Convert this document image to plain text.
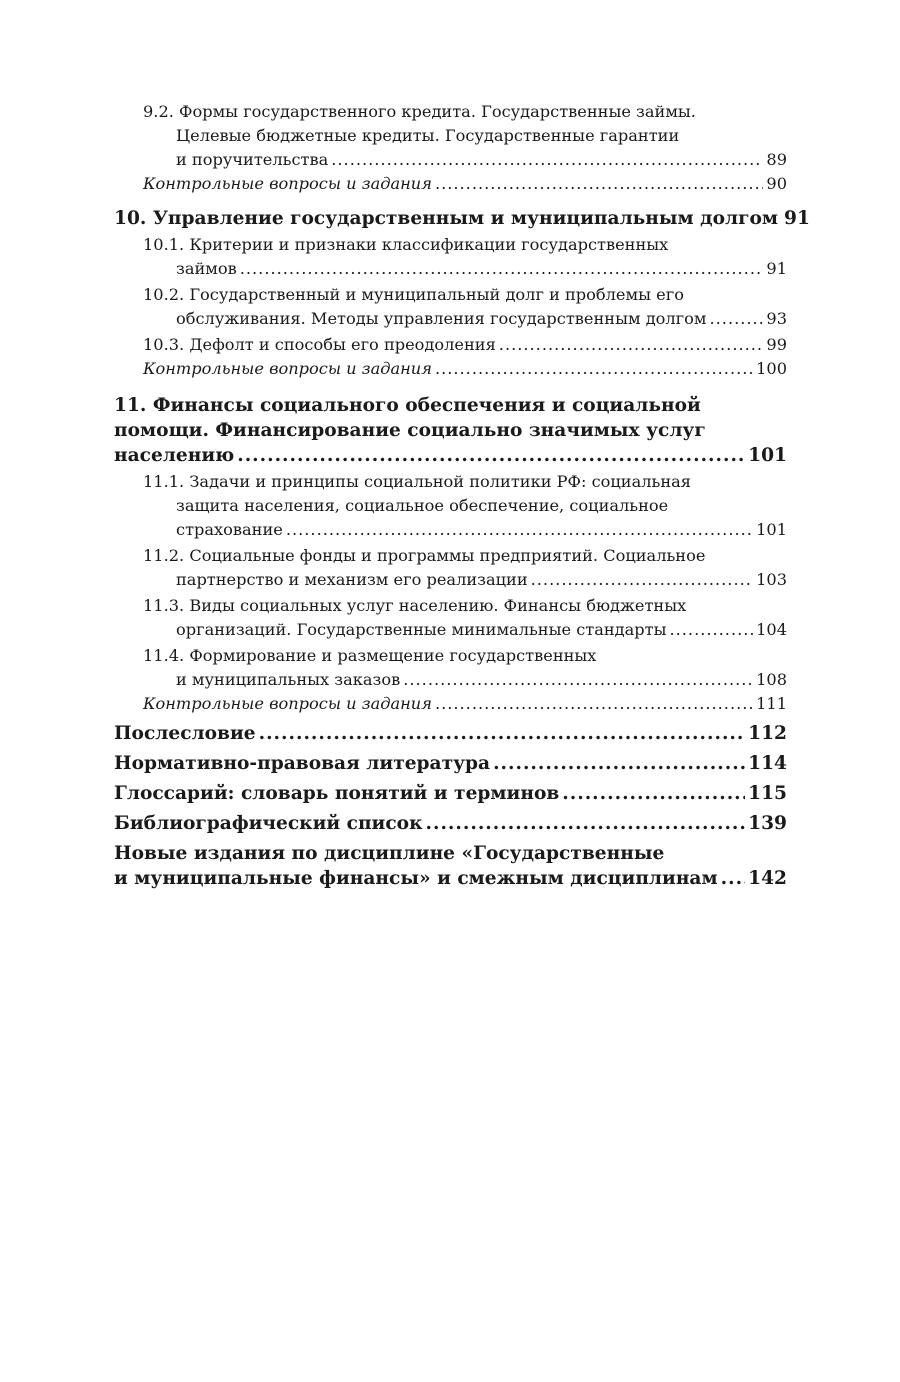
9.2. Формы государственного кредита. Государственные займы.
Целевые бюджетные кредиты. Государственные гарантии
и поручительства .....	89
Контрольные вопросы и задания .....	90
10. Управление государственным и муниципальным долгом 91
10.1. Критерии и признаки классификации государственных
займов .....	91
10.2. Государственный и муниципальный долг и проблемы его
обслуживания. Методы управления государственным долгом .....	93
10.3. Дефолт и способы его преодоления .....	99
Контрольные вопросы и задания .....	100
11. Финансы социального обеспечения и социальной
помощи. Финансирование социально значимых услуг
населению .....	101
11.1. Задачи и принципы социальной политики РФ: социальная
защита населения, социальное обеспечение, социальное
страхование .....	101
11.2. Социальные фонды и программы предприятий. Социальное
партнерство и механизм его реализации .....	103
11.3. Виды социальных услуг населению. Финансы бюджетных
организаций. Государственные минимальные стандарты .....	104
11.4. Формирование и размещение государственных
и муниципальных заказов .....	108
Контрольные вопросы и задания .....	111
Послесловие .....	112
Нормативно-правовая литература .....	114
Глоссарий: словарь понятий и терминов .....	115
Библиографический список .....	139
Новые издания по дисциплине «Государственные
и муниципальные финансы» и смежным дисциплинам ..... 142
